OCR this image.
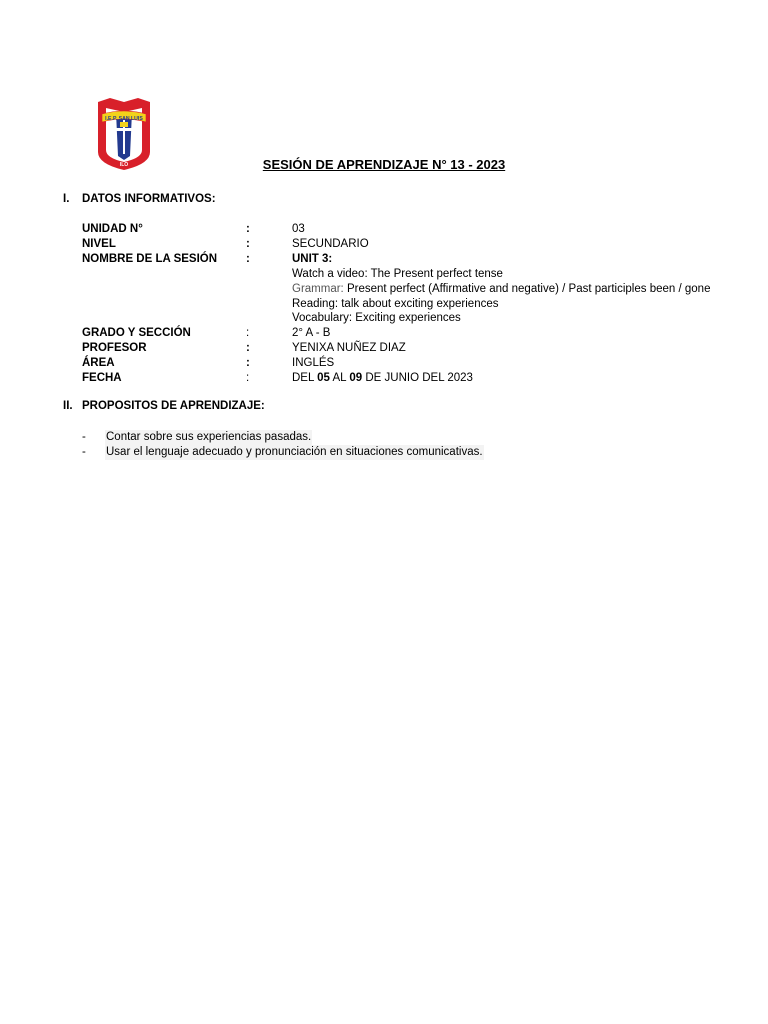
I.E.P. SAN LUIS
ILO	SESIÓN DE APRENDIZAJE N° 13 - 2023
I. DATOS INFORMATIVOS:
UNIDAD N°	:	03
NIVEL	:	SECUNDARIO
NOMBRE DE LA SESIÓN	:	UNIT 3:
Watch a video: The Present perfect tense
Grammar: Present perfect (Affirmative and negative) / Past participles been / gone
Reading: talk about exciting experiences
Vocabulary: Exciting experiences
GRADO Y SECCIÓN	:	2° A - B
PROFESOR	:	YENIXA NUÑEZ DIAZ
ÁREA	:	INGLÉS
FECHA	:	DEL 05 AL 09 DE JUNIO DEL 2023
II. PROPOSITOS DE APRENDIZAJE:
- Contar sobre sus experiencias pasadas.
- Usar el lenguaje adecuado y pronunciación en situaciones comunicativas.
